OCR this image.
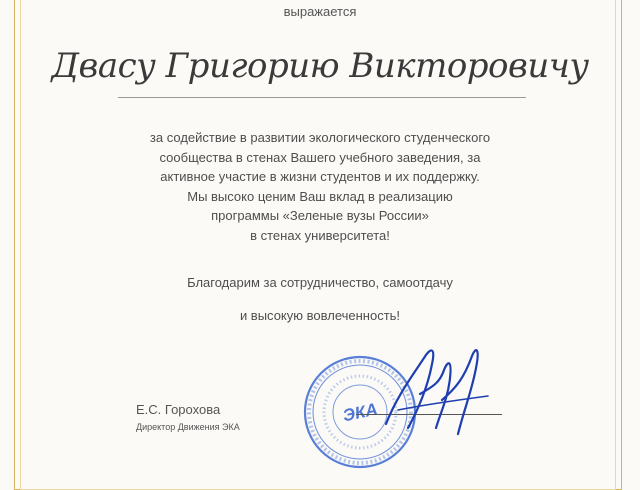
выражается
Двасу Григорию Викторовичу

за содействие в развитии экологического студенческого

сообщества в стенах Вашего учебного заведения, за

активное участие в жизни студентов и их поддержку.

Мы высоко ценим Ваш вклад в реализацию

программы «Зеленые вузы России»

в стенах университета!

Благодарим за сотрудничество, самоотдачу

и высокую вовлеченность!

ЭКА
Е.С. Горохова
Директор Движения ЭКА
